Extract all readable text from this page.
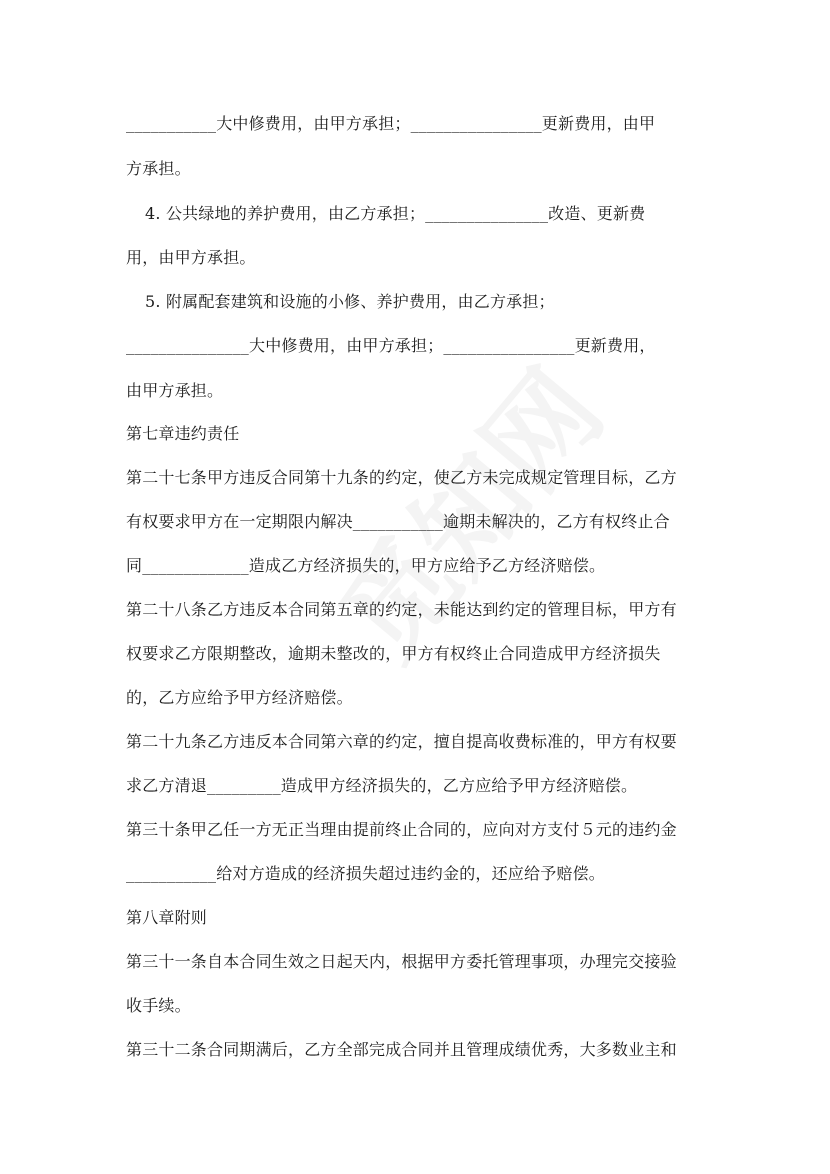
___________大中修费用，由甲方承担；________________更新费用，由甲
方承担。
4. 公共绿地的养护费用，由乙方承担；_______________改造、更新费
用，由甲方承担。
5. 附属配套建筑和设施的小修、养护费用，由乙方承担；
_______________大中修费用，由甲方承担；________________更新费用，
由甲方承担。
第七章违约责任
第二十七条甲方违反合同第十九条的约定，使乙方未完成规定管理目标，乙方
有权要求甲方在一定期限内解决___________逾期未解决的，乙方有权终止合
同_____________造成乙方经济损失的，甲方应给予乙方经济赔偿。
第二十八条乙方违反本合同第五章的约定，未能达到约定的管理目标，甲方有
权要求乙方限期整改，逾期未整改的，甲方有权终止合同造成甲方经济损失
的，乙方应给予甲方经济赔偿。
第二十九条乙方违反本合同第六章的约定，擅自提高收费标准的，甲方有权要
求乙方清退_________造成甲方经济损失的，乙方应给予甲方经济赔偿。
第三十条甲乙任一方无正当理由提前终止合同的，应向对方支付５元的违约金
___________给对方造成的经济损失超过违约金的，还应给予赔偿。
第八章附则
第三十一条自本合同生效之日起天内，根据甲方委托管理事项，办理完交接验
收手续。
第三十二条合同期满后，乙方全部完成合同并且管理成绩优秀，大多数业主和
